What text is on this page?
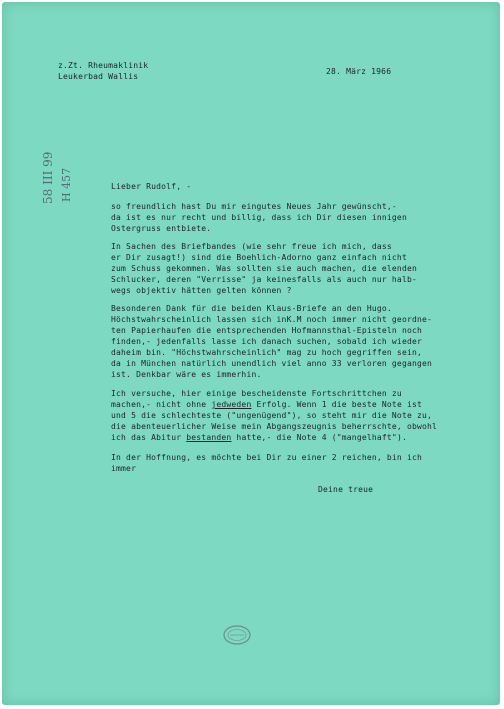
z.Zt. Rheumaklinik
Leukerbad Wallis
28. März 1966
58 III 99 H 457	Lieber Rudolf, -
so freundlich hast Du mir eingutes Neues Jahr gewünscht,-
da ist es nur recht und billig, dass ich Dir diesen innigen
Ostergruss entbiete.
In Sachen des Briefbandes (wie sehr freue ich mich, dass
er Dir zusagt!) sind die Boehlich-Adorno ganz einfach nicht
zum Schuss gekommen. Was sollten sie auch machen, die elenden
Schlucker, deren "Verrisse" ja keinesfalls als auch nur halb-
wegs objektiv hätten gelten können ?
Besonderen Dank für die beiden Klaus-Briefe an den Hugo.
Höchstwahrscheinlich lassen sich inK.M noch immer nicht geordne-
ten Papierhaufen die entsprechenden Hofmannsthal-Episteln noch
finden,- jedenfalls lasse ich danach suchen, sobald ich wieder
daheim bin. "Höchstwahrscheinlich" mag zu hoch gegriffen sein,
da in München natürlich unendlich viel anno 33 verloren gegangen
ist. Denkbar wäre es immerhin.
Ich versuche, hier einige bescheidenste Fortschrittchen zu
machen,- nicht ohne jedweden Erfolg. Wenn 1 die beste Note ist
und 5 die schlechteste ("ungenügend"), so steht mir die Note zu,
die abenteuerlicher Weise mein Abgangszeugnis beherrschte, obwohl
ich das Abitur bestanden hatte,- die Note 4 ("mangelhaft").
In der Hoffnung, es möchte bei Dir zu einer 2 reichen, bin ich
immer
Deine treue
